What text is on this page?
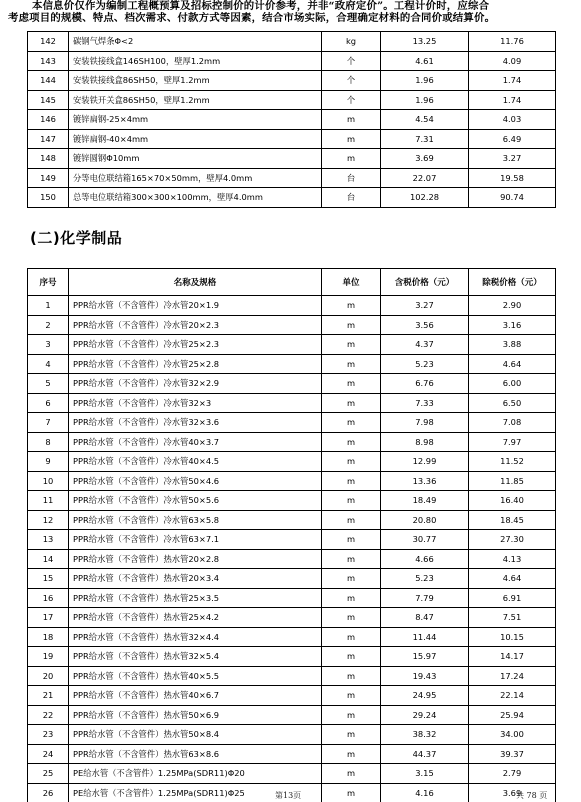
本信息价仅作为编制工程概预算及招标控制价的计价参考，并非“政府定价”。工程计价时，应综合
考虑项目的规模、特点、档次需求、付款方式等因素，结合市场实际，合理确定材料的合同价或结算价。
142	碳钢气焊条Φ<2	kg	13.25	11.76
143	安装铁接线盒146SH100，壁厚1.2mm	个	4.61	4.09
144	安装铁接线盒86SH50，壁厚1.2mm	个	1.96	1.74
145	安装铁开关盒86SH50，壁厚1.2mm	个	1.96	1.74
146	镀锌扁钢-25×4mm	m	4.54	4.03
147	镀锌扁钢-40×4mm	m	7.31	6.49
148	镀锌圆钢Φ10mm	m	3.69	3.27
149	分等电位联结箱165×70×50mm，壁厚4.0mm	台	22.07	19.58
150	总等电位联结箱300×300×100mm，壁厚4.0mm	台	102.28	90.74
(二)化学制品
序号	名称及规格	单位	含税价格（元）	除税价格（元）
1	PPR给水管（不含管件）冷水管20×1.9	m	3.27	2.90
2	PPR给水管（不含管件）冷水管20×2.3	m	3.56	3.16
3	PPR给水管（不含管件）冷水管25×2.3	m	4.37	3.88
4	PPR给水管（不含管件）冷水管25×2.8	m	5.23	4.64
5	PPR给水管（不含管件）冷水管32×2.9	m	6.76	6.00
6	PPR给水管（不含管件）冷水管32×3	m	7.33	6.50
7	PPR给水管（不含管件）冷水管32×3.6	m	7.98	7.08
8	PPR给水管（不含管件）冷水管40×3.7	m	8.98	7.97
9	PPR给水管（不含管件）冷水管40×4.5	m	12.99	11.52
10	PPR给水管（不含管件）冷水管50×4.6	m	13.36	11.85
11	PPR给水管（不含管件）冷水管50×5.6	m	18.49	16.40
12	PPR给水管（不含管件）冷水管63×5.8	m	20.80	18.45
13	PPR给水管（不含管件）冷水管63×7.1	m	30.77	27.30
14	PPR给水管（不含管件）热水管20×2.8	m	4.66	4.13
15	PPR给水管（不含管件）热水管20×3.4	m	5.23	4.64
16	PPR给水管（不含管件）热水管25×3.5	m	7.79	6.91
17	PPR给水管（不含管件）热水管25×4.2	m	8.47	7.51
18	PPR给水管（不含管件）热水管32×4.4	m	11.44	10.15
19	PPR给水管（不含管件）热水管32×5.4	m	15.97	14.17
20	PPR给水管（不含管件）热水管40×5.5	m	19.43	17.24
21	PPR给水管（不含管件）热水管40×6.7	m	24.95	22.14
22	PPR给水管（不含管件）热水管50×6.9	m	29.24	25.94
23	PPR给水管（不含管件）热水管50×8.4	m	38.32	34.00
24	PPR给水管（不含管件）热水管63×8.6	m	44.37	39.37
25	PE给水管（不含管件）1.25MPa(SDR11)Φ20	m	3.15	2.79
26	PE给水管（不含管件）1.25MPa(SDR11)Φ25	m	4.16	3.69
第13页	共 78 页
